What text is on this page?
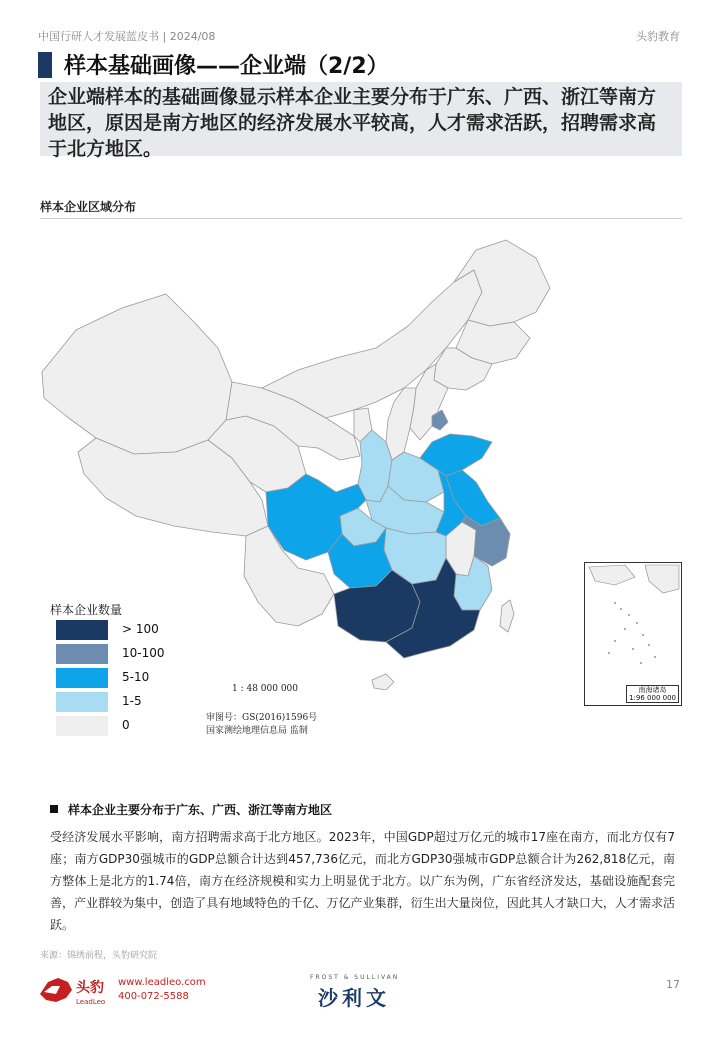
中国行研人才发展蓝皮书 | 2024/08	头豹教育
样本基础画像——企业端（2/2）
企业端样本的基础画像显示样本企业主要分布于广东、广西、浙江等南方地区，原因是南方地区的经济发展水平较高，人才需求活跃，招聘需求高于北方地区。
样本企业区域分布
南海诸岛
1:96 000 000
样本企业数量
> 100
10-100
5-10
1-5
0
1 : 48 000 000
审图号：GS(2016)1596号
国家测绘地理信息局 监制
样本企业主要分布于广东、广西、浙江等南方地区
受经济发展水平影响，南方招聘需求高于北方地区。2023年，中国GDP超过万亿元的城市17座在南方，而北方仅有7座；南方GDP30强城市的GDP总额合计达到457,736亿元，而北方GDP30强城市GDP总额合计为262,818亿元，南方整体上是北方的1.74倍，南方在经济规模和实力上明显优于北方。以广东为例，广东省经济发达，基础设施配套完善，产业群较为集中，创造了具有地域特色的千亿、万亿产业集群，衍生出大量岗位，因此其人才缺口大，人才需求活跃。
来源：锦绣前程，头豹研究院
头豹
LeadLeo
www.leadleo.com
400-072-5588
FROST & SULLIVAN
沙利文
17
